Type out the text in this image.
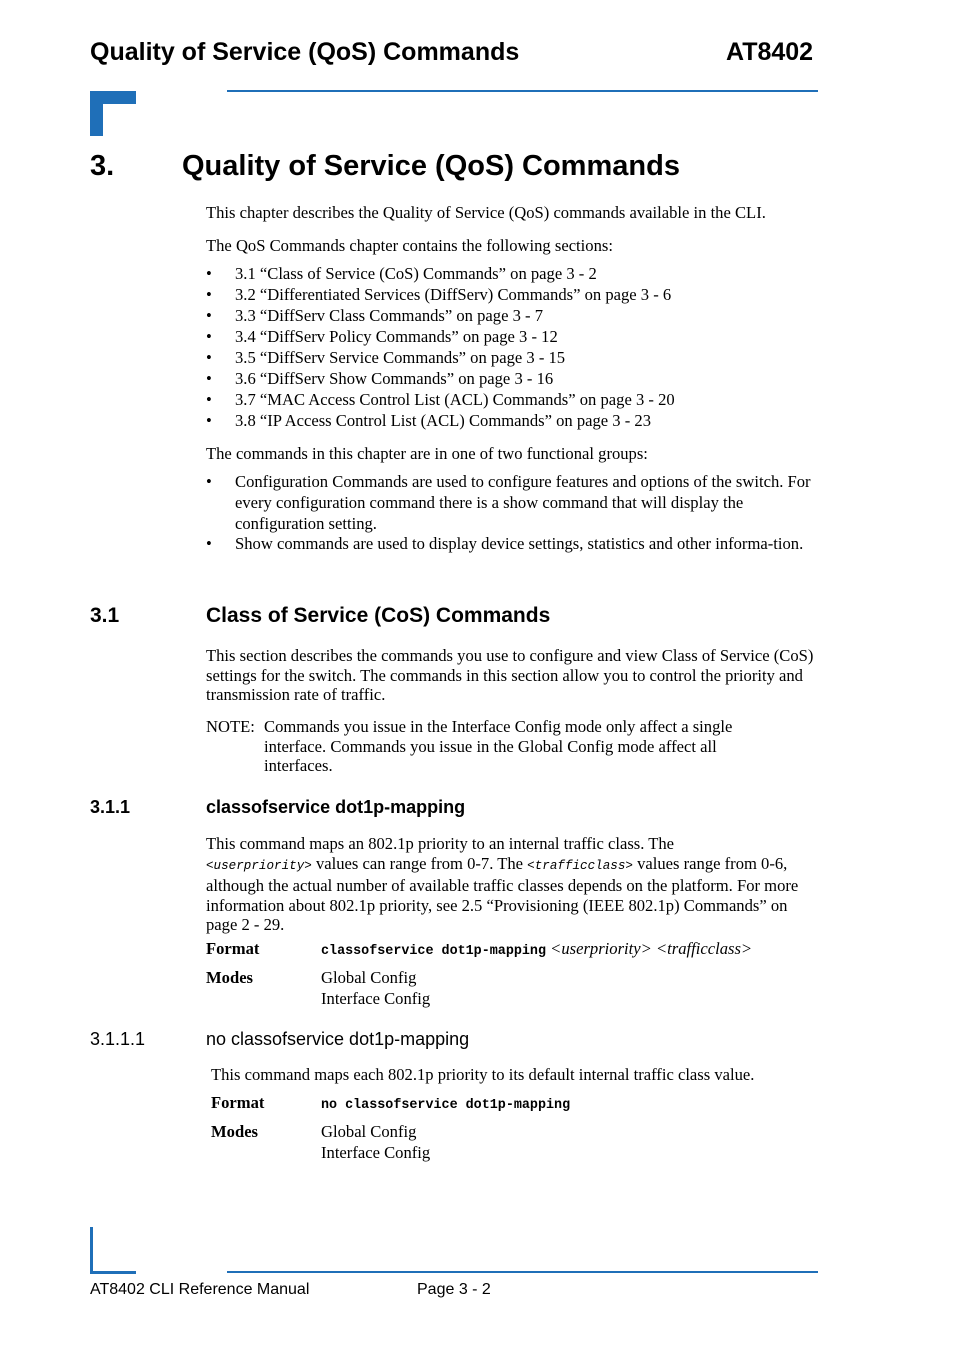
Quality of Service (QoS) Commands	AT8402
3. Quality of Service (QoS) Commands
This chapter describes the Quality of Service (QoS) commands available in the CLI.
The QoS Commands chapter contains the following sections:
• 3.1 “Class of Service (CoS) Commands” on page 3 - 2
• 3.2 “Differentiated Services (DiffServ) Commands” on page 3 - 6
• 3.3 “DiffServ Class Commands” on page 3 - 7
• 3.4 “DiffServ Policy Commands” on page 3 - 12
• 3.5 “DiffServ Service Commands” on page 3 - 15
• 3.6 “DiffServ Show Commands” on page 3 - 16
• 3.7 “MAC Access Control List (ACL) Commands” on page 3 - 20
• 3.8 “IP Access Control List (ACL) Commands” on page 3 - 23
The commands in this chapter are in one of two functional groups:
• Configuration Commands are used to configure features and options of the switch. For every configuration command there is a show command that will display the configuration setting.
• Show commands are used to display device settings, statistics and other informa-tion.
3.1	Class of Service (CoS) Commands
This section describes the commands you use to configure and view Class of Service (CoS) settings for the switch. The commands in this section allow you to control the priority and transmission rate of traffic.
NOTE: Commands you issue in the Interface Config mode only affect a single interface. Commands you issue in the Global Config mode affect all interfaces.
3.1.1	classofservice dot1p-mapping
This command maps an 802.1p priority to an internal traffic class. The
<userpriority> values can range from 0-7. The <trafficclass> values range from 0-6, although the actual number of available traffic classes depends on the platform. For more information about 802.1p priority, see 2.5 “Provisioning (IEEE 802.1p) Commands” on page 2 - 29.
Format	classofservice dot1p-mapping <userpriority> <trafficclass>
Modes	Global Config
Interface Config
3.1.1.1	no classofservice dot1p-mapping
This command maps each 802.1p priority to its default internal traffic class value.
Format	no classofservice dot1p-mapping
Modes	Global Config
Interface Config
AT8402 CLI Reference Manual	Page 3 - 2
